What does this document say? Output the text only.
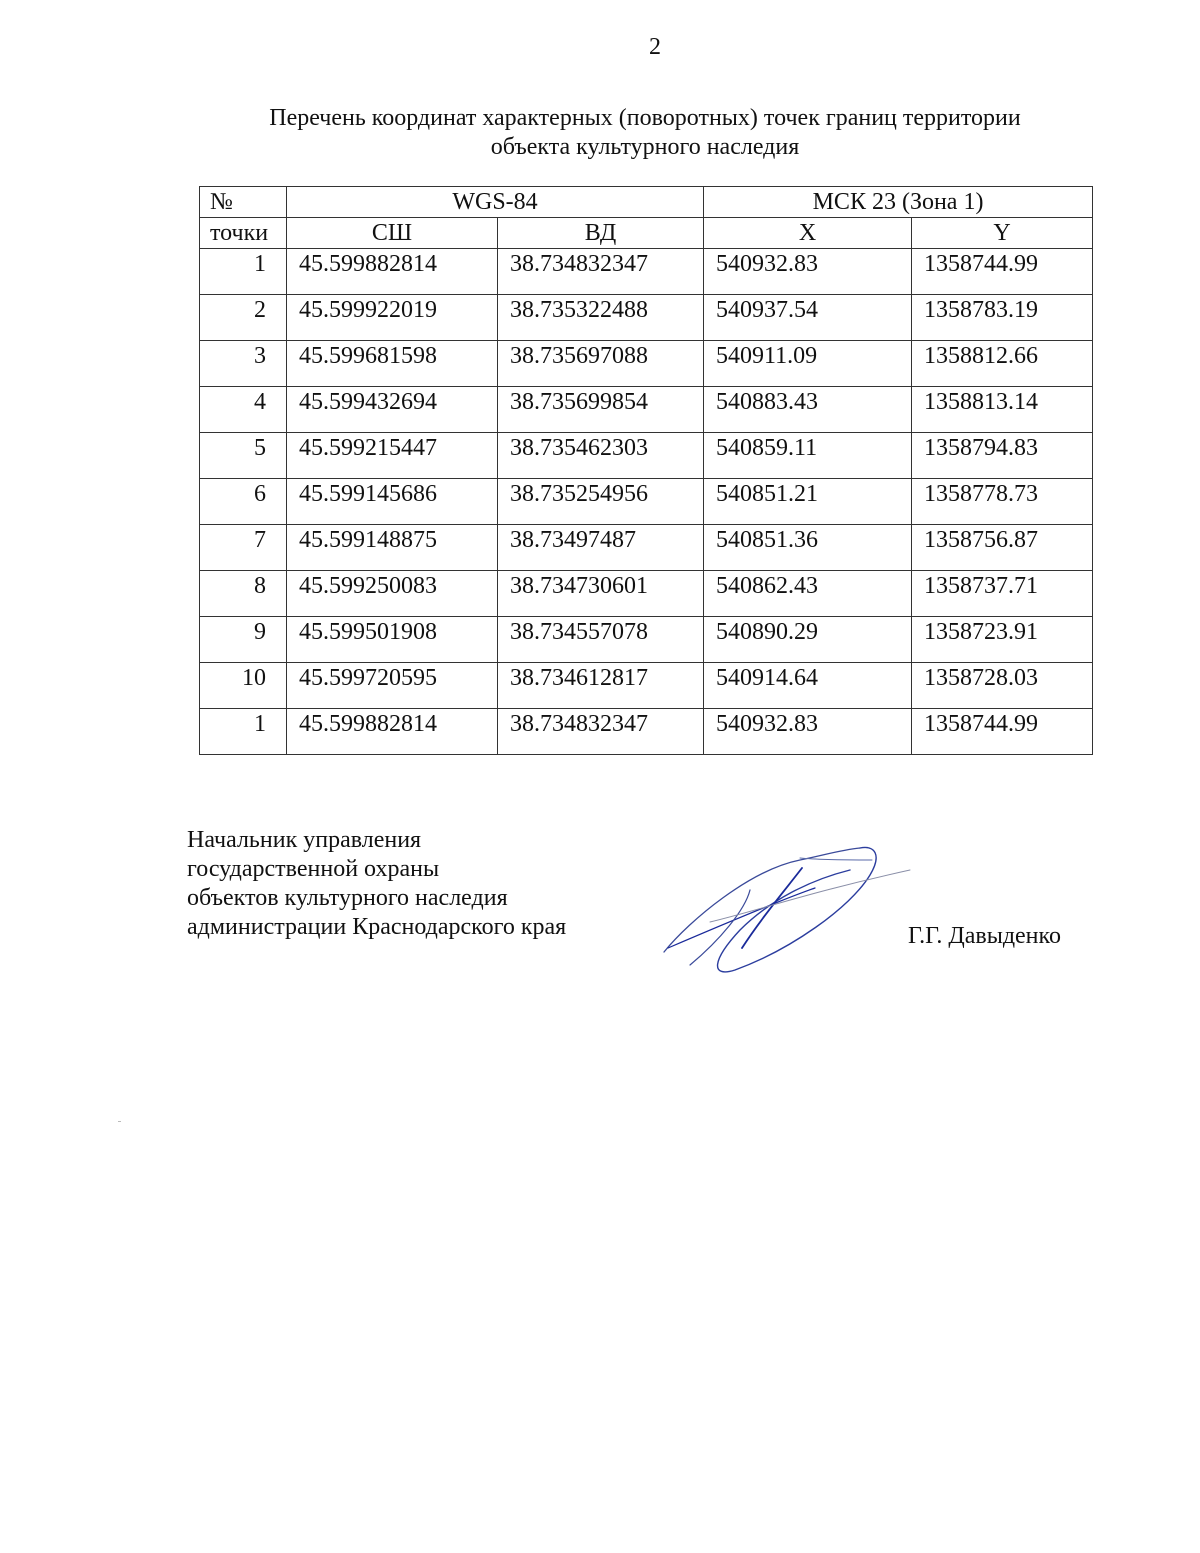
2
Перечень координат характерных (поворотных) точек границ территории
объекта культурного наследия
№	WGS-84		МСК 23 (Зона 1)	
точки	СШ	ВД	X	Y
1	45.599882814	38.734832347	540932.83	1358744.99
2	45.599922019	38.735322488	540937.54	1358783.19
3	45.599681598	38.735697088	540911.09	1358812.66
4	45.599432694	38.735699854	540883.43	1358813.14
5	45.599215447	38.735462303	540859.11	1358794.83
6	45.599145686	38.735254956	540851.21	1358778.73
7	45.599148875	38.73497487	540851.36	1358756.87
8	45.599250083	38.734730601	540862.43	1358737.71
9	45.599501908	38.734557078	540890.29	1358723.91
10	45.599720595	38.734612817	540914.64	1358728.03
1	45.599882814	38.734832347	540932.83	1358744.99
Начальник управления
государственной охраны
объектов культурного наследия
администрации Краснодарского края	Г.Г. Давыденко
